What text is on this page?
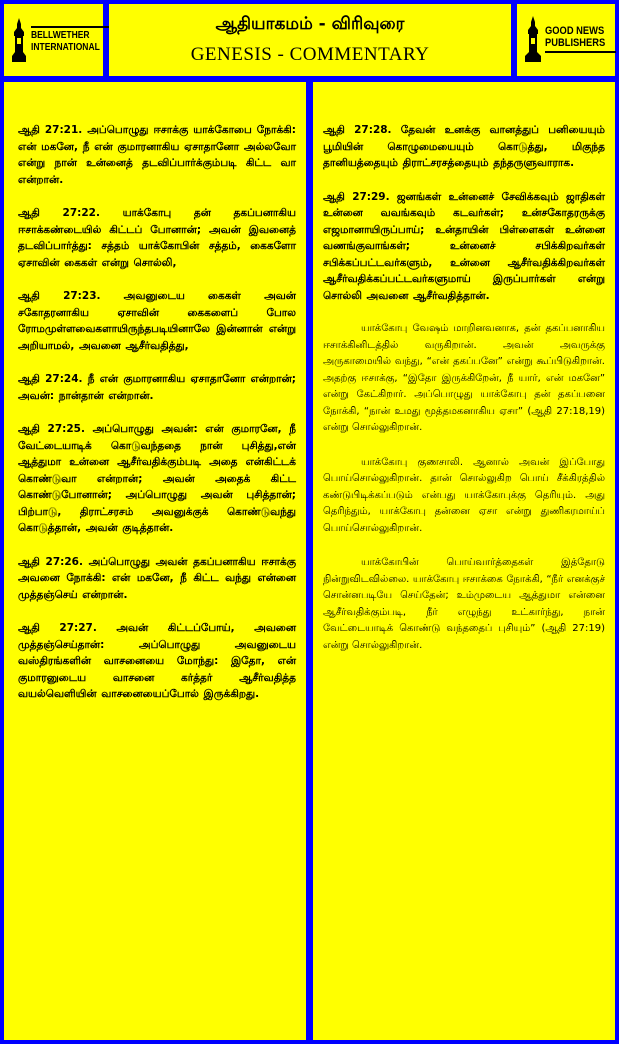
BELLWETHER
INTERNATIONAL
ஆதியாகமம் - விரிவுரை
GENESIS - COMMENTARY
GOOD NEWS
PUBLISHERS

ஆதி 27:21. அப்பொழுது ஈசாக்கு யாக்கோபை நோக்கி: என் மகனே, நீ என் குமாரனாகிய ஏசாதானோ அல்லவோ என்று நான் உன்னைத் தடவிப்பார்க்கும்படி கிட்ட வா என்றான்.

ஆதி 27:22. யாக்கோபு தன் தகப்பனாகிய ஈசாக்கண்டையில் கிட்டப் போனான்; அவன் இவனைத் தடவிப்பார்த்து: சத்தம் யாக்கோபின் சத்தம், கைகளோ ஏசாவின் கைகள் என்று சொல்லி,

ஆதி 27:23. அவனுடைய கைகள் அவன் சகோதரனாகிய ஏசாவின் கைகளைப் போல ரோமமுள்ளவைகளாயிருந்தபடியினாலே இன்னான் என்று அறியாமல், அவனை ஆசீர்வதித்து,

ஆதி 27:24. நீ என் குமாரனாகிய ஏசாதானோ என்றான்; அவன்: நான்தான் என்றான்.

ஆதி 27:25. அப்பொழுது அவன்: என் குமாரனே, நீ வேட்டையாடிக் கொடுவந்ததை நான் புசித்து,என் ஆத்துமா உன்னை ஆசீர்வதிக்கும்படி அதை என்கிட்டக் கொண்டுவா என்றான்; அவன் அதைக் கிட்ட கொண்டுபோனான்; அப்பொழுது அவன் புசித்தான்; பிற்பாடு, திராட்சரசம் அவனுக்குக் கொண்டுவந்து கொடுத்தான், அவன் குடித்தான்.

ஆதி 27:26. அப்பொழுது அவன் தகப்பனாகிய ஈசாக்கு அவனை நோக்கி: என் மகனே, நீ கிட்ட வந்து என்னை முத்தஞ்செய் என்றான்.

ஆதி 27:27. அவன் கிட்டப்போய், அவனை முத்தஞ்செய்தான்: அப்பொழுது அவனுடைய வஸ்திரங்களின் வாசனையை மோந்து: இதோ, என் குமாரனுடைய வாசனை கர்த்தர் ஆசீர்வதித்த வயல்வெளியின் வாசனையைப்போல் இருக்கிறது.

ஆதி 27:28. தேவன் உனக்கு வானத்துப் பனியையும் பூமியின் கொழுமையையும் கொடுத்து, மிகுந்த தானியத்தையும் திராட்சரசத்தையும் தந்தருளுவாராக.

ஆதி 27:29. ஜனங்கள் உன்னைச் சேவிக்கவும் ஜாதிகள் உன்னை வவங்கவும் கடவர்கள்; உன்சகோதரருக்கு எஜமானாயிருப்பாய்; உன்தாயின் பிள்ளைகள் உன்னை வணங்குவாங்கள்; உன்னைச் சபிக்கிறவர்கள் சபிக்கப்பட்டவர்களும், உன்னை ஆசீர்வதிக்கிறவர்கள் ஆசீர்வதிக்கப்பட்டவர்களுமாய் இருப்பார்கள் என்று சொல்லி அவனை ஆசீர்வதித்தான்.

யாக்கோபு வேஷம் மாறினவனாக, தன் தகப்பனாகிய ஈசாக்கினிடத்தில் வருகிறான். அவன் அவருக்கு அருகாமையில் வந்து, “என் தகப்பனே” என்று கூப்பிடுகிறான். அதற்கு ஈசாக்கு, “இதோ இருக்கிறேன், நீ யார், என் மகனே” என்று கேட்கிறார். அப்பொழுது யாக்கோபு தன் தகப்பனை நோக்கி, “நான் உமது மூத்தமகனாகிய ஏசா” (ஆதி 27:18,19) என்று சொல்லுகிறான்.

யாக்கோபு குணசாலி. ஆனால் அவன் இப்போது பொய்சொல்லுகிறான். தான் சொல்லுகிற பொய் சீக்கிரத்தில் கண்டுபிடிக்கப்படும் என்பது யாக்கோபுக்கு தெரியும். அது தெரிந்தும், யாக்கோபு தன்னை ஏசா என்று துணிகரமாய்ப் பொய்சொல்லுகிறான்.

யாக்கோபின் பொய்வார்த்தைகள் இத்தோடு நின்றுவிடவில்லை. யாக்கோபு ஈசாக்கை நோக்கி, “நீர் எனக்குச் சொன்னபடியே செய்தேன்; உம்முடைய ஆத்துமா என்னை ஆசீர்வதிக்கும்படி, நீர் எழுந்து உட்கார்ந்து, நான் வேட்டையாடிக் கொண்டு வந்ததைப் புசியும்” (ஆதி 27:19) என்று சொல்லுகிறான்.
